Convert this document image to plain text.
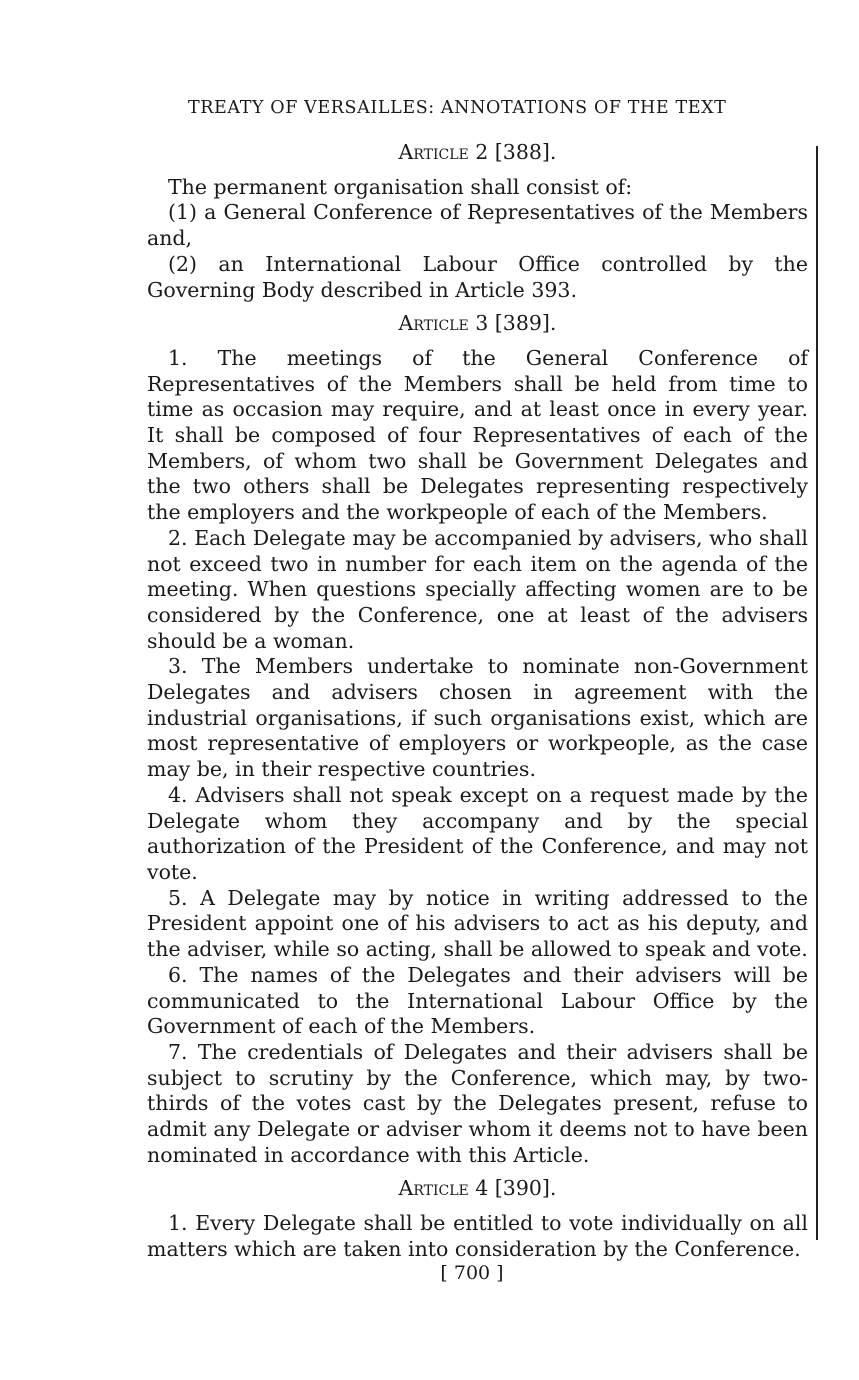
TREATY OF VERSAILLES: ANNOTATIONS OF THE TEXT
Article 2 [388].

The permanent organisation shall consist of:

(1) a General Conference of Representatives of the Members and,

(2) an International Labour Office controlled by the Governing Body described in Article 393.

Article 3 [389].

1. The meetings of the General Conference of Representatives of the Members shall be held from time to time as occasion may require, and at least once in every year. It shall be composed of four Representatives of each of the Members, of whom two shall be Government Delegates and the two others shall be Delegates representing respectively the employers and the workpeople of each of the Members.

2. Each Delegate may be accompanied by advisers, who shall not exceed two in number for each item on the agenda of the meeting. When questions specially affecting women are to be considered by the Conference, one at least of the advisers should be a woman.

3. The Members undertake to nominate non-Government Delegates and advisers chosen in agreement with the industrial organisations, if such organisations exist, which are most representative of employers or workpeople, as the case may be, in their respective countries.

4. Advisers shall not speak except on a request made by the Delegate whom they accompany and by the special authorization of the President of the Conference, and may not vote.

5. A Delegate may by notice in writing addressed to the President appoint one of his advisers to act as his deputy, and the adviser, while so acting, shall be allowed to speak and vote.

6. The names of the Delegates and their advisers will be communicated to the International Labour Office by the Government of each of the Members.

7. The credentials of Delegates and their advisers shall be subject to scrutiny by the Conference, which may, by two-thirds of the votes cast by the Delegates present, refuse to admit any Delegate or adviser whom it deems not to have been nominated in accordance with this Article.

Article 4 [390].

1. Every Delegate shall be entitled to vote individually on all matters which are taken into consideration by the Conference.

[ 700 ]
